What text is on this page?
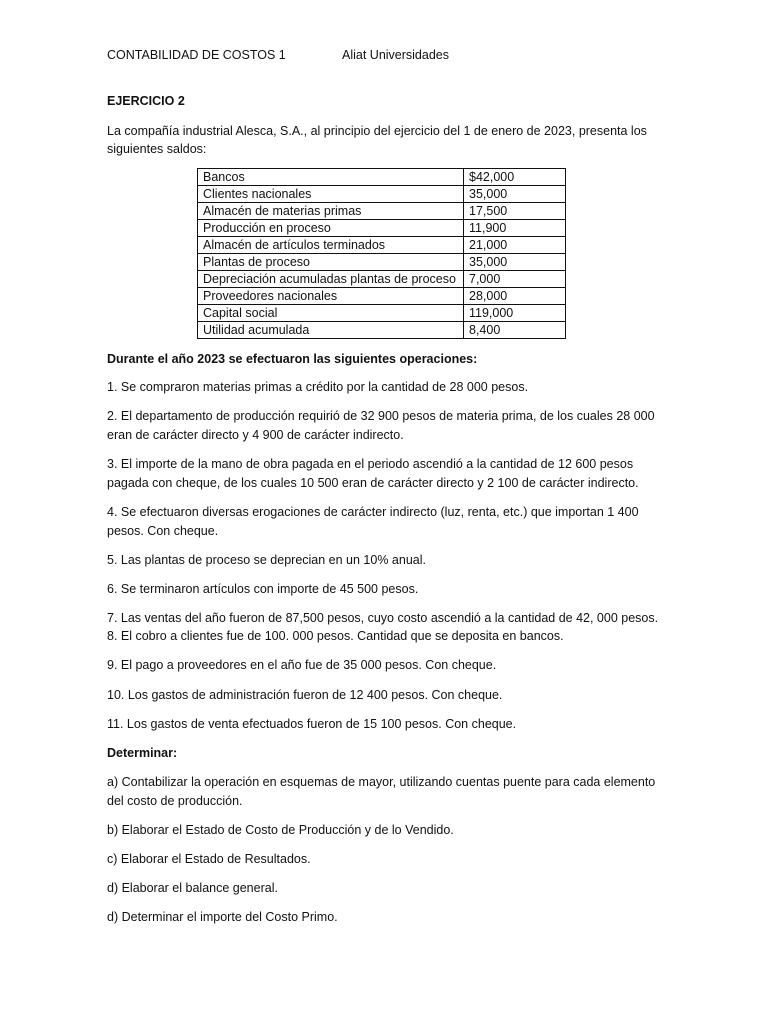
CONTABILIDAD DE COSTOS 1	Aliat Universidades
EJERCICIO 2
La compañía industrial Alesca, S.A., al principio del ejercicio del 1 de enero de 2023, presenta los siguientes saldos:
Bancos	$42,000
Clientes nacionales	35,000
Almacén de materias primas	17,500
Producción en proceso	11,900
Almacén de artículos terminados	21,000
Plantas de proceso	35,000
Depreciación acumuladas plantas de proceso	7,000
Proveedores nacionales	28,000
Capital social	119,000
Utilidad acumulada	8,400
Durante el año 2023 se efectuaron las siguientes operaciones:
1. Se compraron materias primas a crédito por la cantidad de 28 000 pesos.
2. El departamento de producción requirió de 32 900 pesos de materia prima, de los cuales 28 000 eran de carácter directo y 4 900 de carácter indirecto.
3. El importe de la mano de obra pagada en el periodo ascendió a la cantidad de 12 600 pesos pagada con cheque, de los cuales 10 500 eran de carácter directo y 2 100 de carácter indirecto.
4. Se efectuaron diversas erogaciones de carácter indirecto (luz, renta, etc.) que importan 1 400 pesos. Con cheque.
5. Las plantas de proceso se deprecian en un 10% anual.
6. Se terminaron artículos con importe de 45 500 pesos.
7. Las ventas del año fueron de 87,500 pesos, cuyo costo ascendió a la cantidad de 42, 000 pesos.
8. El cobro a clientes fue de 100. 000 pesos. Cantidad que se deposita en bancos.
9. El pago a proveedores en el año fue de 35 000 pesos. Con cheque.
10. Los gastos de administración fueron de 12 400 pesos. Con cheque.
11. Los gastos de venta efectuados fueron de 15 100 pesos. Con cheque.
Determinar:
a) Contabilizar la operación en esquemas de mayor, utilizando cuentas puente para cada elemento del costo de producción.
b) Elaborar el Estado de Costo de Producción y de lo Vendido.
c) Elaborar el Estado de Resultados.
d) Elaborar el balance general.
d) Determinar el importe del Costo Primo.
